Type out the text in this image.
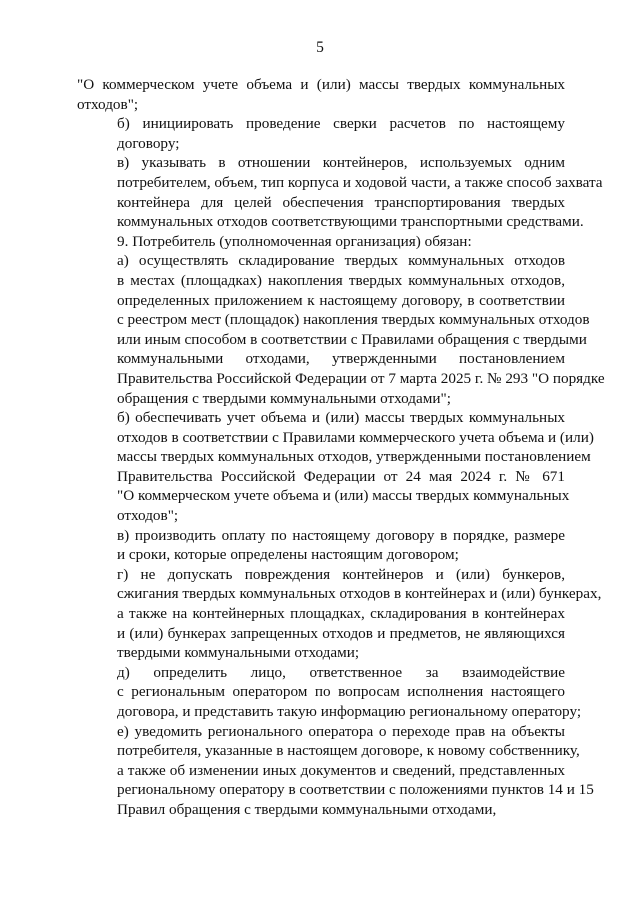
5
"О коммерческом учете объема и (или) массы твердых коммунальных
отходов";
б) инициировать проведение сверки расчетов по настоящему
договору;
в) указывать в отношении контейнеров, используемых одним
потребителем, объем, тип корпуса и ходовой части, а также способ захвата
контейнера для целей обеспечения транспортирования твердых
коммунальных отходов соответствующими транспортными средствами.
9. Потребитель (уполномоченная организация) обязан:
а) осуществлять складирование твердых коммунальных отходов
в местах (площадках) накопления твердых коммунальных отходов,
определенных приложением к настоящему договору, в соответствии
с реестром мест (площадок) накопления твердых коммунальных отходов
или иным способом в соответствии с Правилами обращения с твердыми
коммунальными отходами, утвержденными постановлением
Правительства Российской Федерации от 7 марта 2025 г. № 293 "О порядке
обращения с твердыми коммунальными отходами";
б) обеспечивать учет объема и (или) массы твердых коммунальных
отходов в соответствии с Правилами коммерческого учета объема и (или)
массы твердых коммунальных отходов, утвержденными постановлением
Правительства Российской Федерации от 24 мая 2024 г. № 671
"О коммерческом учете объема и (или) массы твердых коммунальных
отходов";
в) производить оплату по настоящему договору в порядке, размере
и сроки, которые определены настоящим договором;
г) не допускать повреждения контейнеров и (или) бункеров,
сжигания твердых коммунальных отходов в контейнерах и (или) бункерах,
а также на контейнерных площадках, складирования в контейнерах
и (или) бункерах запрещенных отходов и предметов, не являющихся
твердыми коммунальными отходами;
д) определить лицо, ответственное за взаимодействие
с региональным оператором по вопросам исполнения настоящего
договора, и представить такую информацию региональному оператору;
е) уведомить регионального оператора о переходе прав на объекты
потребителя, указанные в настоящем договоре, к новому собственнику,
а также об изменении иных документов и сведений, представленных
региональному оператору в соответствии с положениями пунктов 14 и 15
Правил обращения с твердыми коммунальными отходами,
